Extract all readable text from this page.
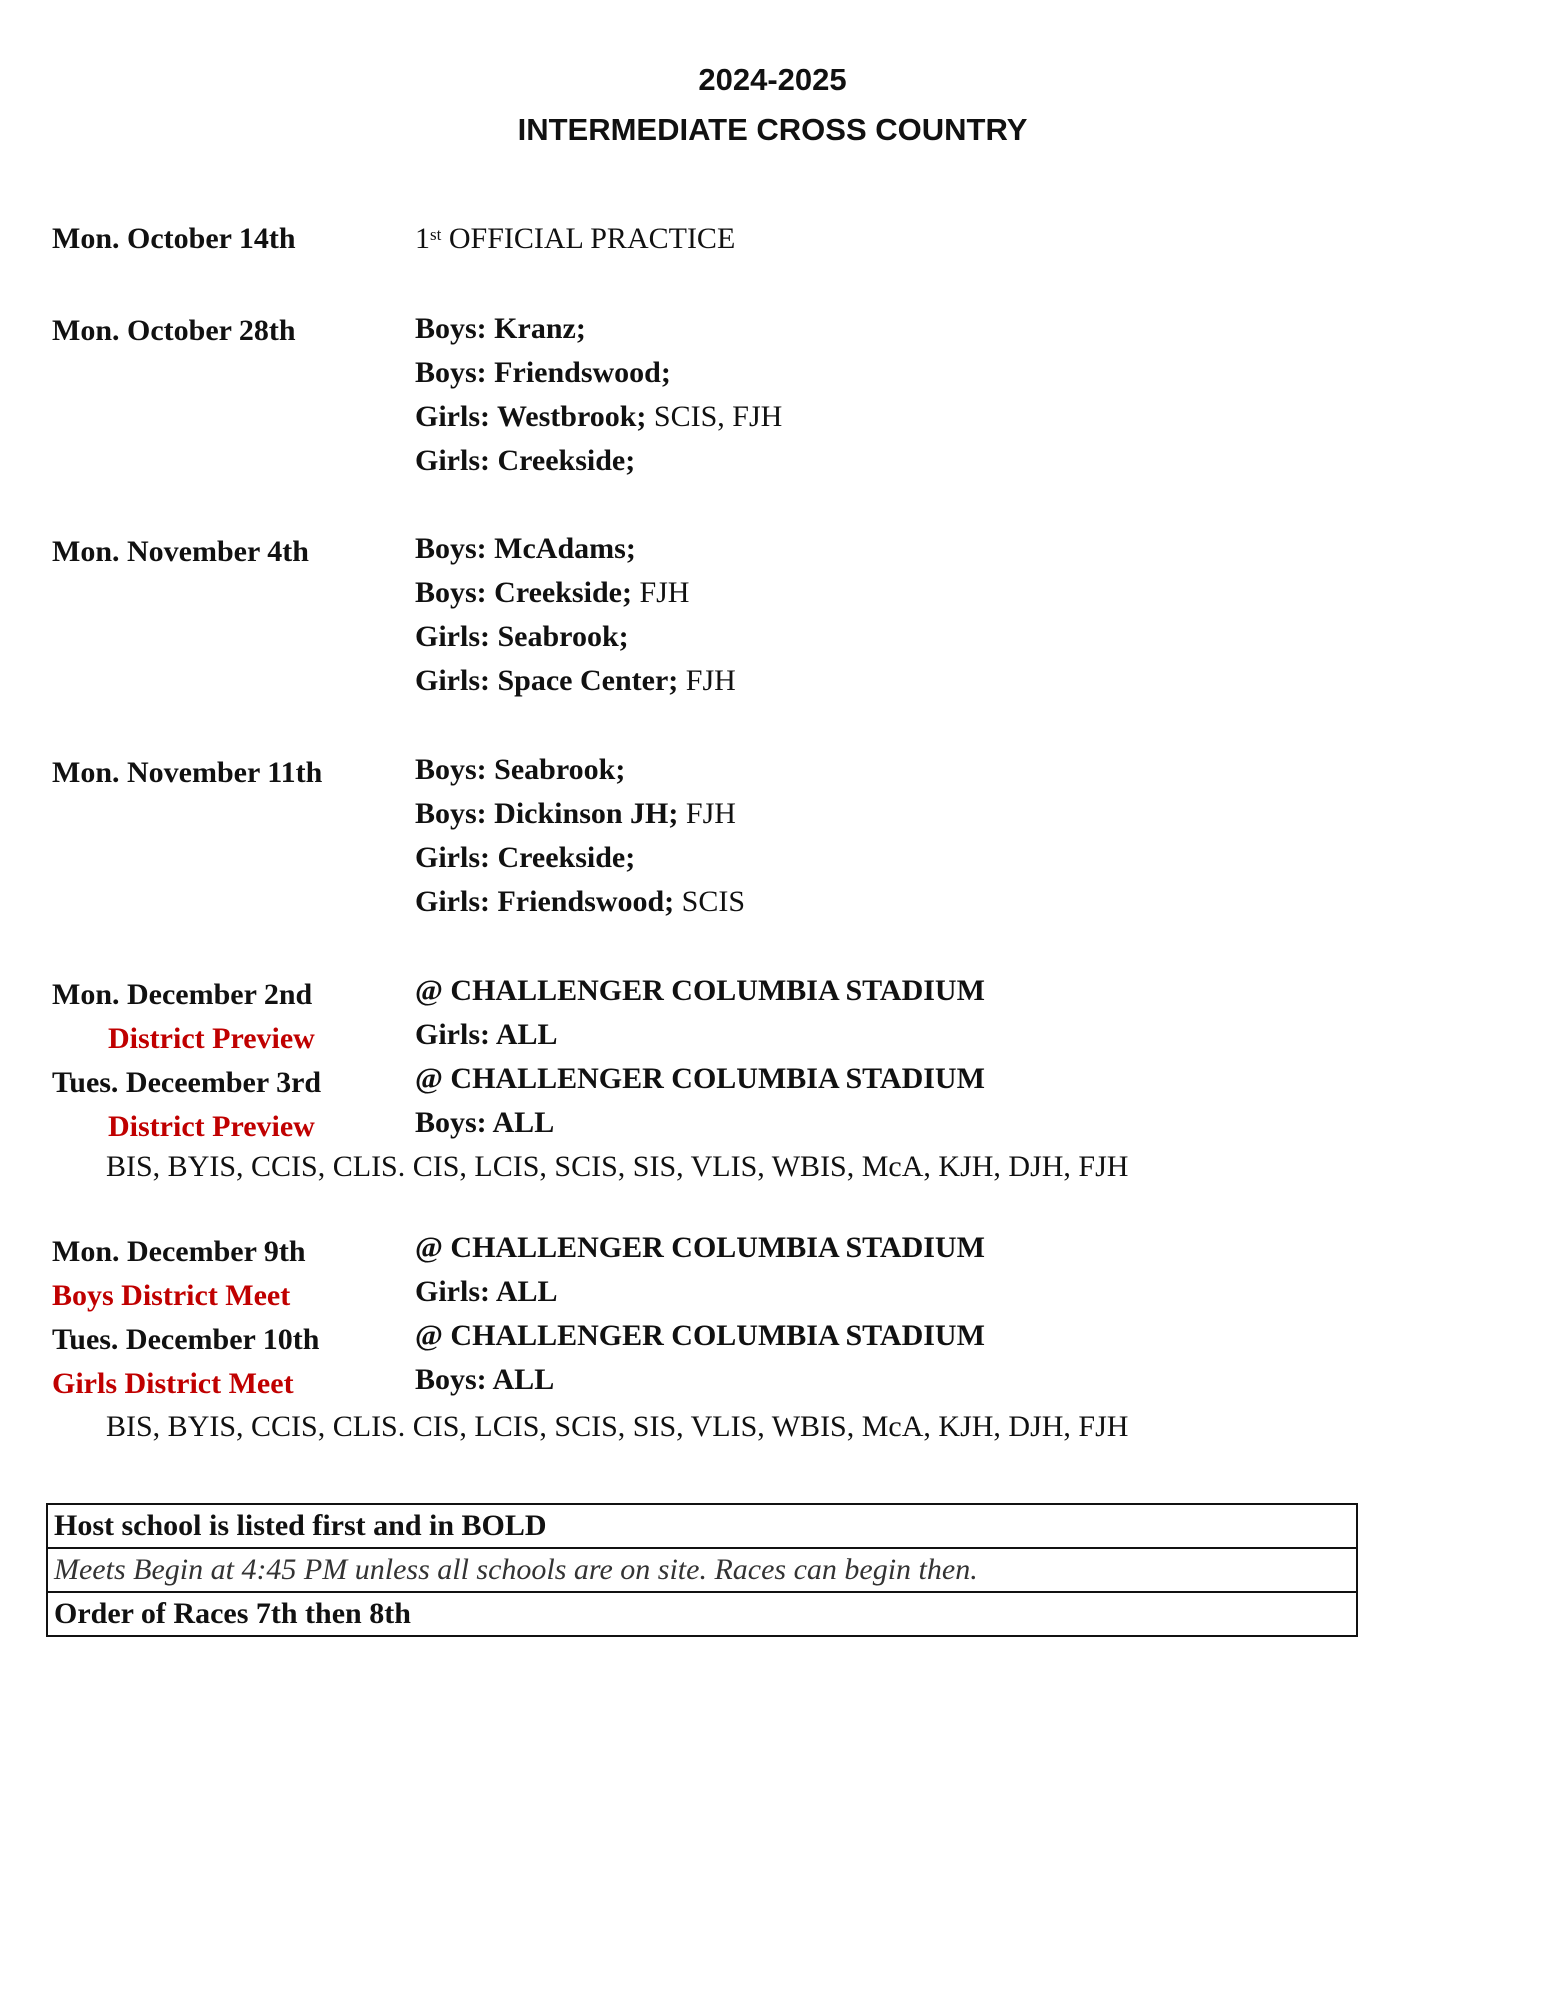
2024-2025
INTERMEDIATE CROSS COUNTRY
Mon. October 14th	1st OFFICIAL PRACTICE
Mon. October 28th	Boys: Kranz;
Boys: Friendswood;
Girls: Westbrook; SCIS, FJH
Girls: Creekside;
Mon. November 4th	Boys: McAdams;
Boys: Creekside; FJH
Girls: Seabrook;
Girls: Space Center; FJH
Mon. November 11th	Boys: Seabrook;
Boys: Dickinson JH; FJH
Girls: Creekside;
Girls: Friendswood; SCIS
Mon. December 2nd	@ CHALLENGER COLUMBIA STADIUM
District Preview	Girls: ALL
Tues. Deceember 3rd	@ CHALLENGER COLUMBIA STADIUM
District Preview	Boys: ALL
BIS, BYIS, CCIS, CLIS. CIS, LCIS, SCIS, SIS, VLIS, WBIS, McA, KJH, DJH, FJH
Mon. December 9th	@ CHALLENGER COLUMBIA STADIUM
Boys District Meet	Girls: ALL
Tues. December 10th	@ CHALLENGER COLUMBIA STADIUM
Girls District Meet	Boys: ALL
BIS, BYIS, CCIS, CLIS. CIS, LCIS, SCIS, SIS, VLIS, WBIS, McA, KJH, DJH, FJH
Host school is listed first and in BOLD
Meets Begin at 4:45 PM unless all schools are on site. Races can begin then.
Order of Races 7th then 8th
